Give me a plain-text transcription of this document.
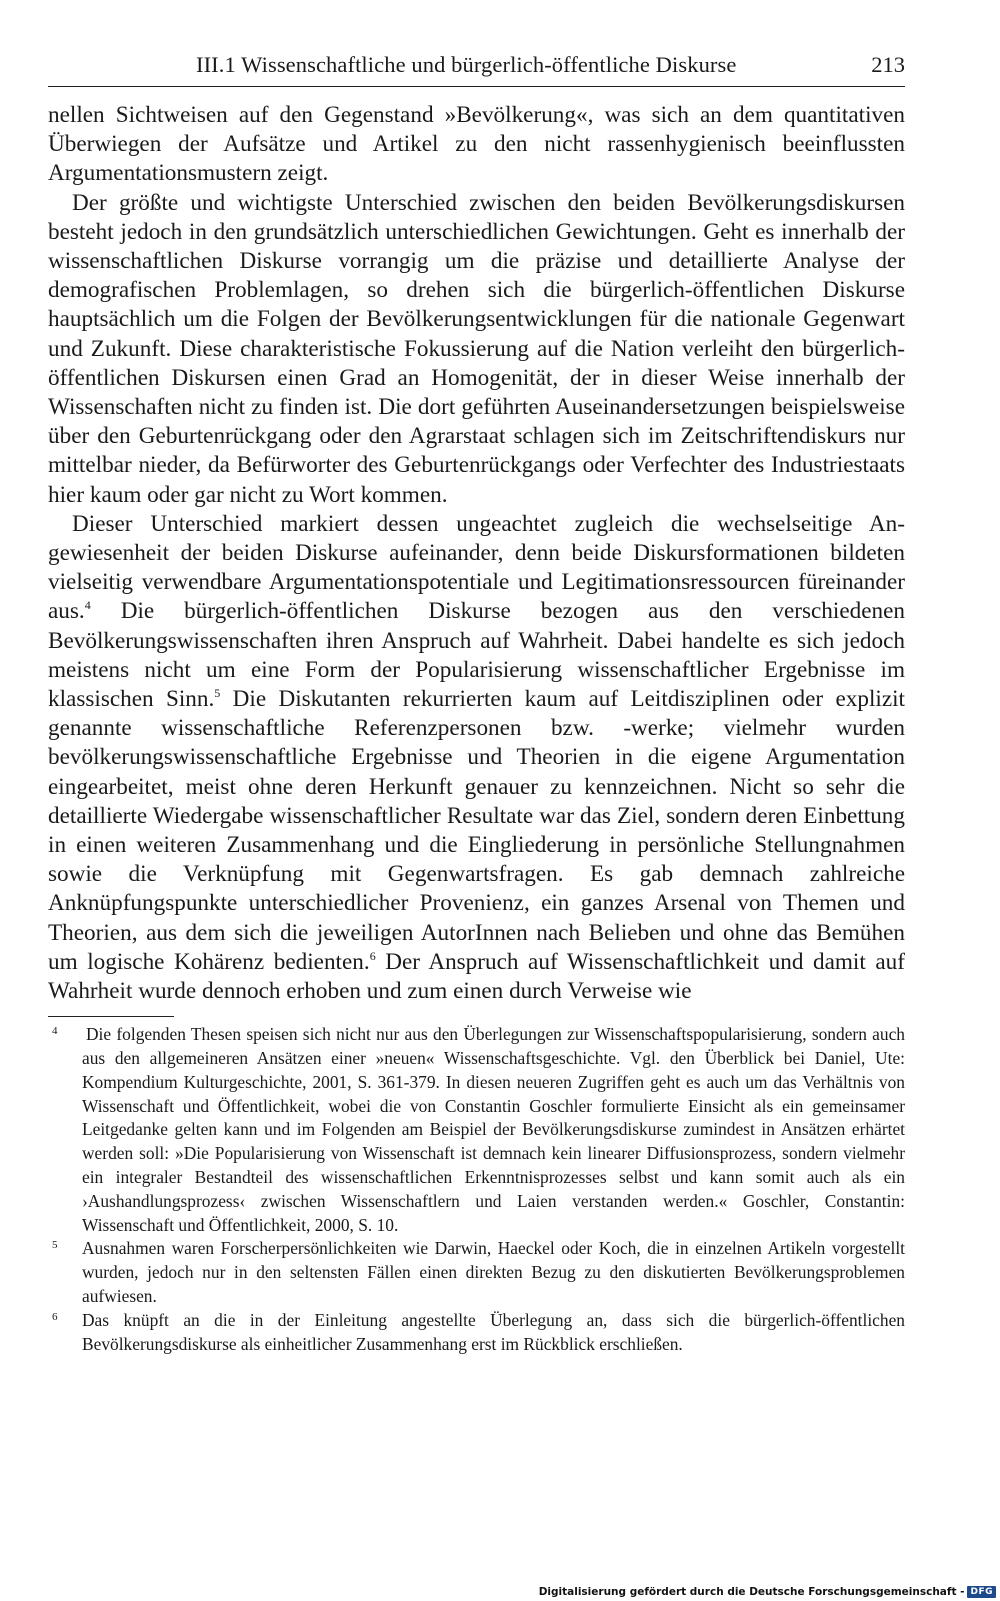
III.1 Wissenschaftliche und bürgerlich-öffentliche Diskurse	213

nellen Sichtweisen auf den Gegenstand »Bevölkerung«, was sich an dem quantitativen Überwiegen der Aufsätze und Artikel zu den nicht rassenhygienisch beeinflussten Argumentationsmustern zeigt.

Der größte und wichtigste Unterschied zwischen den beiden Bevölkerungsdiskursen besteht jedoch in den grundsätzlich unterschiedlichen Gewichtungen. Geht es innerhalb der wissenschaftlichen Diskurse vorrangig um die präzise und detaillierte Analyse der demografischen Problemlagen, so drehen sich die bürgerlich-öffentlichen Diskurse hauptsächlich um die Folgen der Bevölkerungsentwicklungen für die nationale Gegenwart und Zukunft. Diese charakteristische Fokussierung auf die Nation verleiht den bürgerlich-öffentlichen Diskursen einen Grad an Homogenität, der in dieser Weise innerhalb der Wissenschaften nicht zu finden ist. Die dort geführten Auseinandersetzungen beispielsweise über den Geburtenrückgang oder den Agrarstaat schlagen sich im Zeitschriftendiskurs nur mittelbar nieder, da Befürworter des Geburtenrückgangs oder Verfechter des Industriestaats hier kaum oder gar nicht zu Wort kommen.

Dieser Unterschied markiert dessen ungeachtet zugleich die wechselseitige Angewiesenheit der beiden Diskurse aufeinander, denn beide Diskursformationen bildeten vielseitig verwendbare Argumentationspotentiale und Legitimationsressourcen füreinander aus.$^4$ Die bürgerlich-öffentlichen Diskurse bezogen aus den verschiedenen Bevölkerungswissenschaften ihren Anspruch auf Wahrheit. Dabei handelte es sich jedoch meistens nicht um eine Form der Popularisierung wissenschaftlicher Ergebnisse im klassischen Sinn.$^5$ Die Diskutanten rekurrierten kaum auf Leitdisziplinen oder explizit genannte wissenschaftliche Referenzpersonen bzw. -werke; vielmehr wurden bevölkerungswissenschaftliche Ergebnisse und Theorien in die eigene Argumentation eingearbeitet, meist ohne deren Herkunft genauer zu kennzeichnen. Nicht so sehr die detaillierte Wiedergabe wissenschaftlicher Resultate war das Ziel, sondern deren Einbettung in einen weiteren Zusammenhang und die Eingliederung in persönliche Stellungnahmen sowie die Verknüpfung mit Gegenwartsfragen. Es gab demnach zahlreiche Anknüpfungspunkte unterschiedlicher Provenienz, ein ganzes Arsenal von Themen und Theorien, aus dem sich die jeweiligen AutorInnen nach Belieben und ohne das Bemühen um logische Kohärenz bedienten.$^6$ Der Anspruch auf Wissenschaftlichkeit und damit auf Wahrheit wurde dennoch erhoben und zum einen durch Verweise wie

4 Die folgenden Thesen speisen sich nicht nur aus den Überlegungen zur Wissenschaftspopularisierung, sondern auch aus den allgemeineren Ansätzen einer »neuen« Wissenschaftsgeschichte. Vgl. den Überblick bei Daniel, Ute: Kompendium Kulturgeschichte, 2001, S. 361-379. In diesen neueren Zugriffen geht es auch um das Verhältnis von Wissenschaft und Öffentlichkeit, wobei die von Constantin Goschler formulierte Einsicht als ein gemeinsamer Leitgedanke gelten kann und im Folgenden am Beispiel der Bevölkerungsdiskurse zumindest in Ansätzen erhärtet werden soll: »Die Popularisierung von Wissenschaft ist demnach kein linearer Diffusionsprozess, sondern vielmehr ein integraler Bestandteil des wissenschaftlichen Erkenntnisprozesses selbst und kann somit auch als ein ›Aushandlungsprozess‹ zwischen Wissenschaftlern und Laien verstanden werden.« Goschler, Constantin: Wissenschaft und Öffentlichkeit, 2000, S. 10.
5 Ausnahmen waren Forscherpersönlichkeiten wie Darwin, Haeckel oder Koch, die in einzelnen Artikeln vorgestellt wurden, jedoch nur in den seltensten Fällen einen direkten Bezug zu den diskutierten Bevölkerungsproblemen aufwiesen.
6 Das knüpft an die in der Einleitung angestellte Überlegung an, dass sich die bürgerlich-öffentlichen Bevölkerungsdiskurse als einheitlicher Zusammenhang erst im Rückblick erschließen.
Digitalisierung gefördert durch die Deutsche Forschungsgemeinschaft - DFG
